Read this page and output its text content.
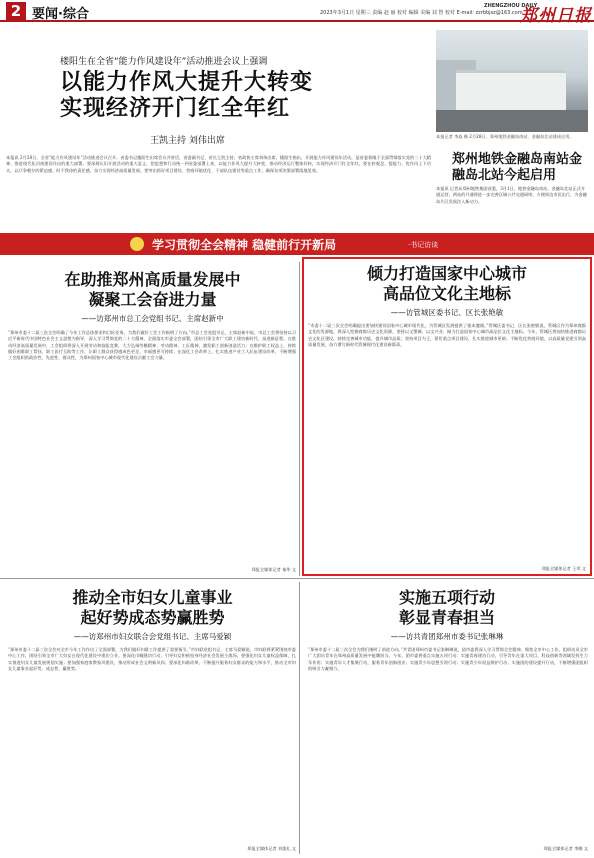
2 要闻·综合	2023年3月1日 星期三 责编 赵 丽 校对 编辑 美编 刘 智 校对 E-mail: zzrbbjsz@163.com
ZHENGZHOU DAILY
郑州日报
楼阳生在全省“能力作风建设年”活动推进会议上强调
以能力作风大提升大转变
实现经济开门红全年红
王凯主持 刘伟出席
本报讯 2月28日，全省“能力作风建设年”活动推进会议召开。省委书记楼阳生出席会议并讲话，省委副书记、省长王凯主持，省政协主席刘伟出席。楼阳生指出，开展能力作风建设年活动，是省委着眼于全面贯彻落实党的二十大精神、推进现代化河南建设作出的重大部署。要深刻认识开展活动的重大意义，把思想和行动统一到省委部署上来，以能力作风大提升大转变，推动经济运行整体好转，实现经济开门红全年红。要在转观念、提能力、优作风上下功夫，以只争朝夕的紧迫感、时不我待的责任感，奋力实现经济高质量发展。要突出抓好项目建设、营商环境优化、干部队伍建设等重点工作，确保各项决策部署落地见效。
本报记者 李焱 摄 2月28日，郑州地铁金融岛南站、金融岛北站建成启用。
郑州地铁金融岛南站金融岛北站今起启用
本报讯 记者从郑州地铁集团获悉，3月1日，地铁金融岛南站、金融岛北站正式开通运营。两站的开通将进一步完善区域公共交通网络，方便周边市民出行，为金融岛片区发展注入新动力。
学习贯彻全会精神 稳健前行开新局	·书记访谈
在助推郑州高质量发展中
凝聚工会奋进力量
——访郑州市总工会党组书记、主席赵新中
“郑州市委十二届三次全会明确了今年工作总体要求和目标任务，为我们做好工会工作指明了方向。”市总工会党组书记、主席赵新中说，市总工会将坚持以习近平新时代中国特色社会主义思想为指导，深入学习贯彻党的二十大精神，全面落实市委全会部署，团结引领全市广大职工建功新时代、奋进新征程。在推动经济高质量发展中，工会组织将深入开展劳动和技能竞赛，大力弘扬劳模精神、劳动精神、工匠精神，激发职工创新创造活力；在维护职工权益上，持续做好困难职工帮扶、职工医疗互助等工作，让职工群众获得感成色更足、幸福感更可持续；在深化工会改革上，扎实推进产业工人队伍建设改革，不断增强工会组织的政治性、先进性、群众性，为郑州国家中心城市现代化建设贡献工会力量。
郑报全媒体记者 秦华 文
倾力打造国家中心城市
高品位文化主地标
——访管城区委书记、区长张艳敏
“市委十二届三次全会明确提出要加快建设国家中心城市现代化，为管城区发展提供了根本遵循。”管城区委书记、区长张艳敏说，管城区作为郑州商都文化的发源地，将深入挖掘商都历史文化资源，坚持以文塑城、以文兴业，倾力打造国家中心城市高品位文化主地标。今年，管城区将加快推进商都历史文化区建设，持续完善城市功能，提升城市品质；坚持项目为王，紧盯重点项目建设，扎实推进城市更新；不断优化营商环境，以高质量党建引领高质量发展，奋力谱写新时代管城现代化建设新篇章。
郑报全媒体记者 王翠 文
推动全市妇女儿童事业
起好势成态势赢胜势
——访郑州市妇女联合会党组书记、主席马爱颖
“郑州市委十二届三次全会对全市今年工作作出了全面部署，为我们做好妇联工作提供了重要指引。”市妇联党组书记、主席马爱颖说，市妇联将紧紧围绕市委中心工作，团结引领全市广大妇女在现代化建设中建功立业。要深化巾帼建功行动，引导妇女积极投身经济社会发展主战场；要强化妇女儿童权益保障，扎实推进妇女儿童发展规划实施；要加强家庭家教家风建设，推动形成社会文明新风尚；要深化妇联改革，不断提升服务妇女群众的能力和水平，推动全市妇女儿童事业起好势、成态势、赢胜势。
郑报全媒体记者 刘俊礼 文
实施五项行动
彰显青春担当
——访共青团郑州市委书记张琳琳
“郑州市委十二届三次全会为我们指明了前进方向。”共青团郑州市委书记张琳琳说，团市委将深入学习贯彻全会精神，聚焦全市中心工作，组织动员全市广大团员青年在郑州高质量发展中挺膺担当。今年，团市委将重点实施五项行动：实施青春建功行动，引导青年在重大项目、科技创新等领域发挥生力军作用；实施青年人才集聚行动，服务青年创新创业；实施青少年思想引领行动；实施青少年权益维护行动；实施团的建设提升行动，不断增强团组织的吸引力凝聚力。
郑报全媒体记者 李娜 文
